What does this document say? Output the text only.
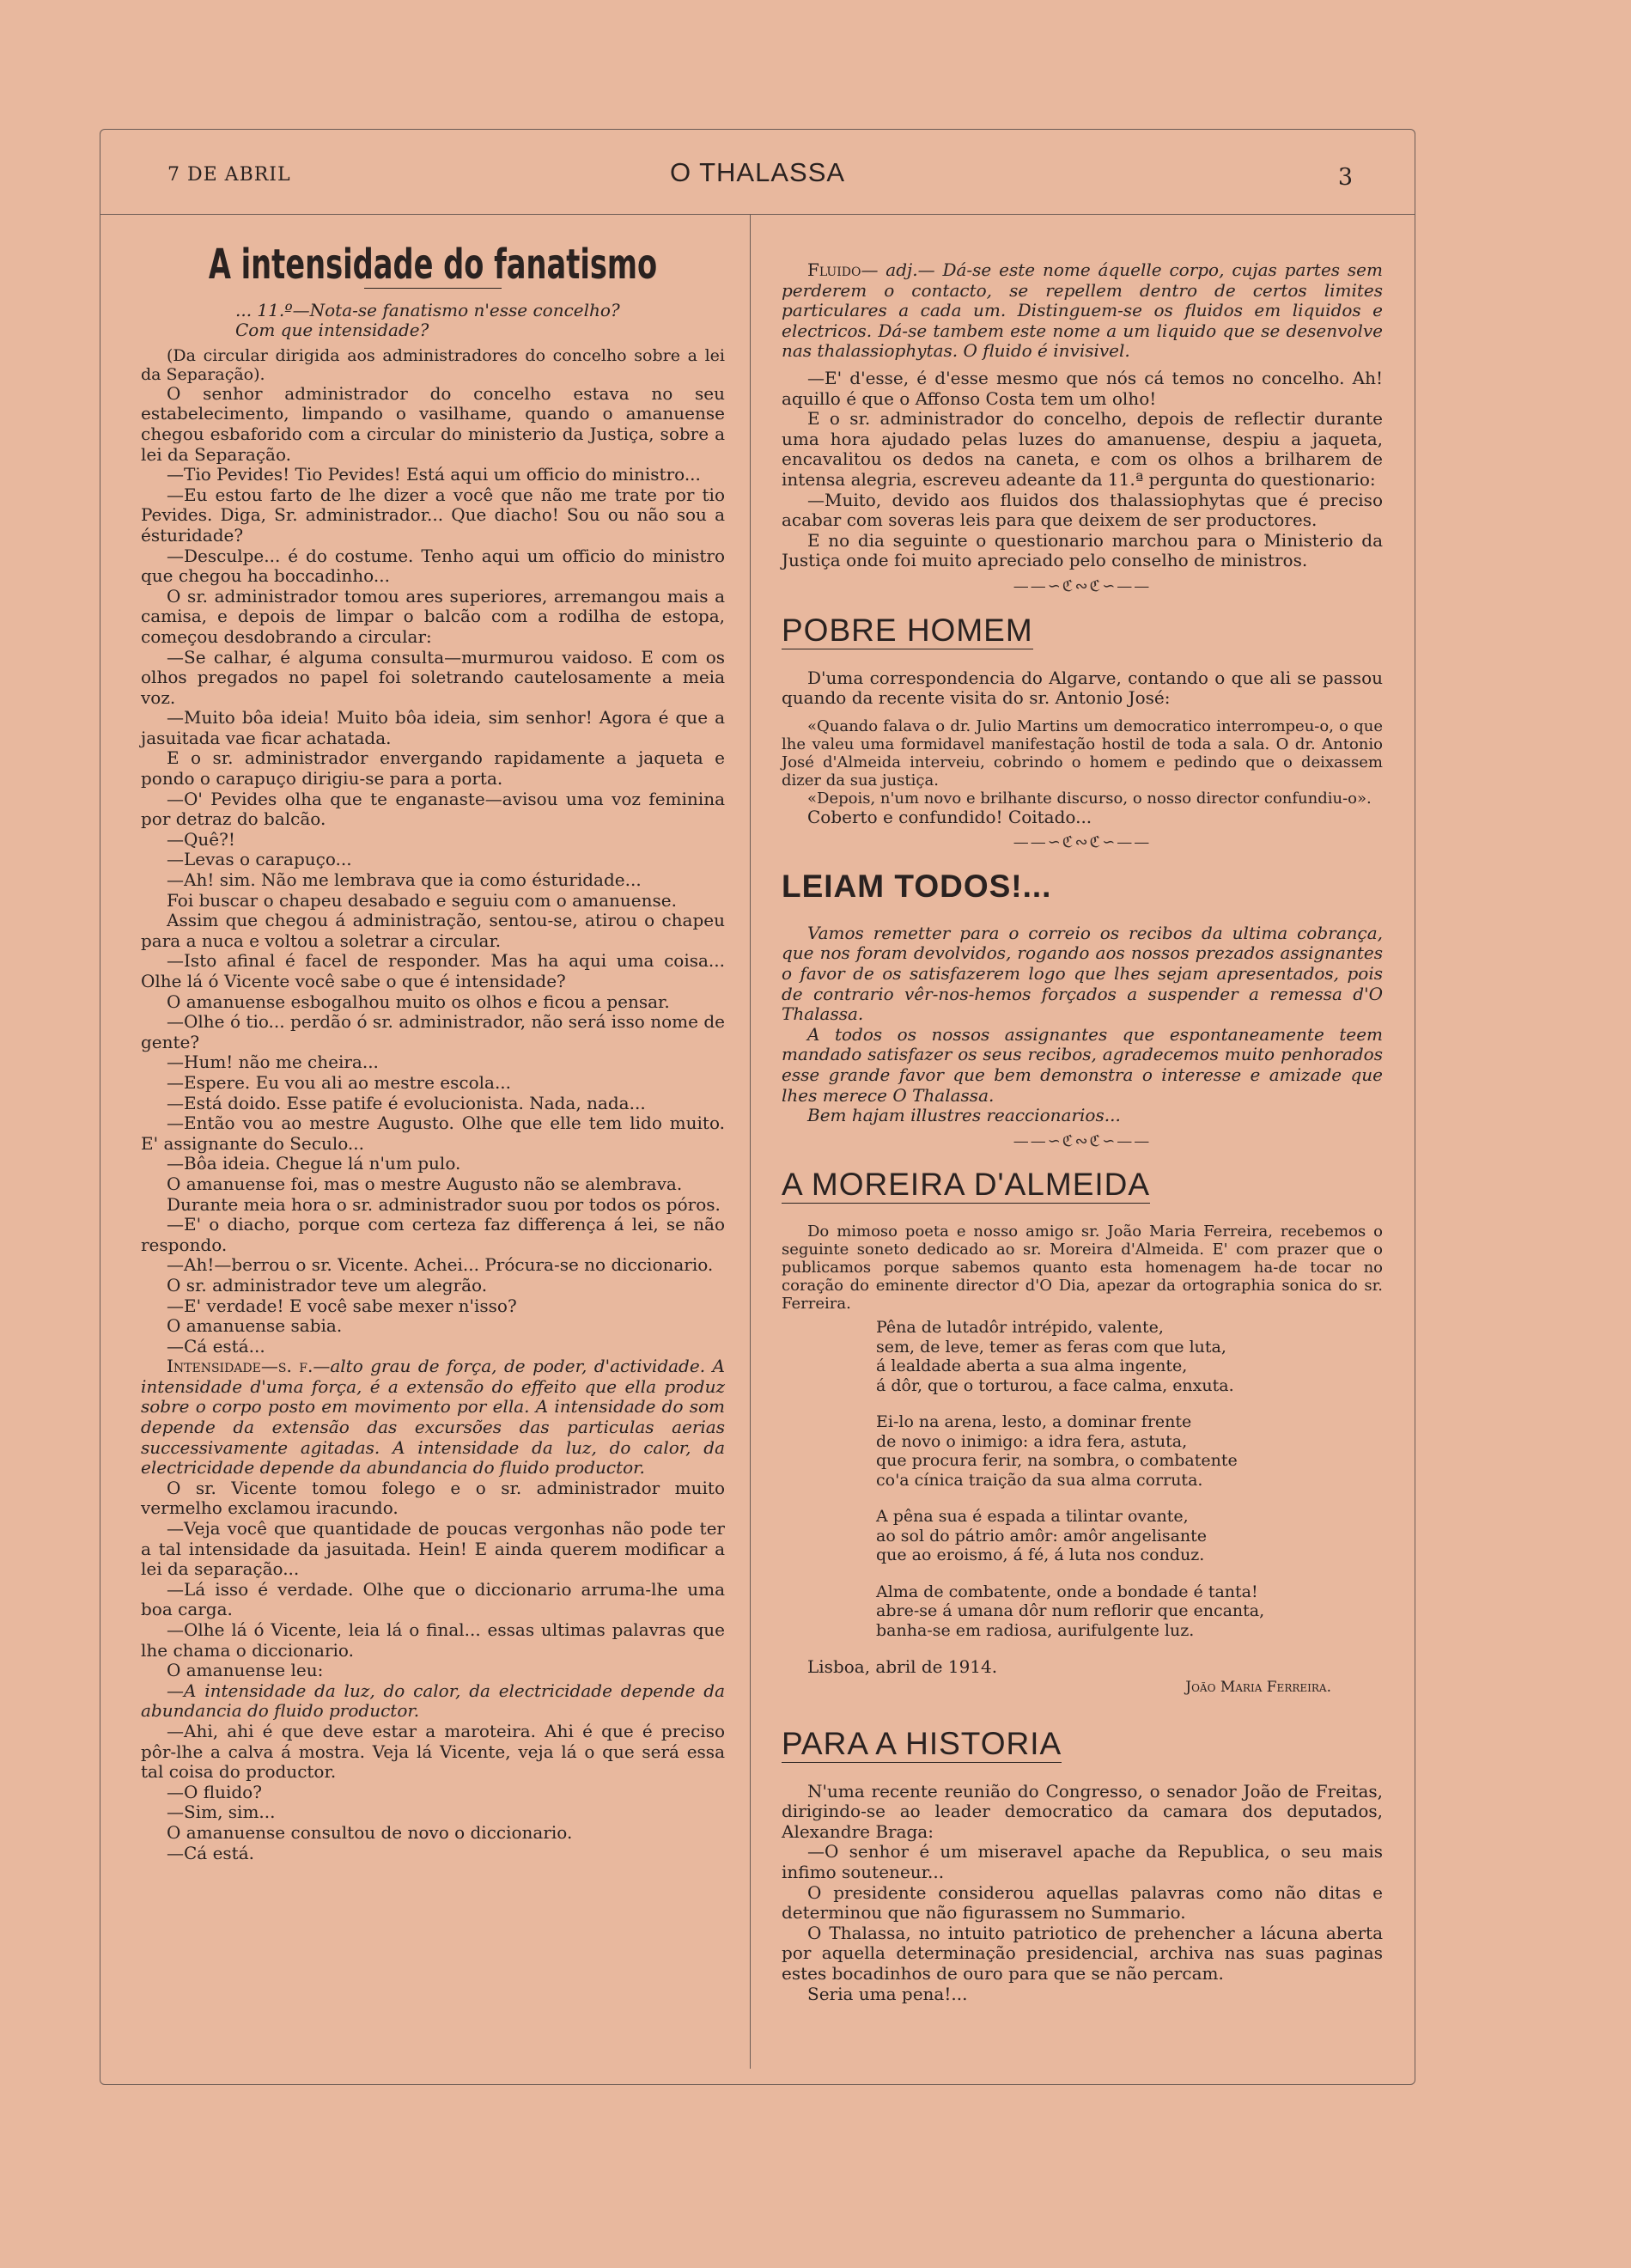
7 DE ABRIL	O THALASSA	3
A intensidade do fanatismo

... 11.º—Nota-se fanatismo n'esse concelho?

Com que intensidade?

(Da circular dirigida aos administradores do concelho sobre a lei da Separação).

O senhor administrador do concelho estava no seu estabelecimento, limpando o vasilhame, quando o amanuense chegou esbaforido com a circular do ministerio da Justiça, sobre a lei da Separação.

—Tio Pevides! Tio Pevides! Está aqui um officio do ministro...

—Eu estou farto de lhe dizer a você que não me trate por tio Pevides. Diga, Sr. administrador... Que diacho! Sou ou não sou a ésturidade?

—Desculpe... é do costume. Tenho aqui um officio do ministro que chegou ha boccadinho...

O sr. administrador tomou ares superiores, arremangou mais a camisa, e depois de limpar o balcão com a rodilha de estopa, começou desdobrando a circular:

—Se calhar, é alguma consulta—murmurou vaidoso. E com os olhos pregados no papel foi soletrando cautelosamente a meia voz.

—Muito bôa ideia! Muito bôa ideia, sim senhor! Agora é que a jasuitada vae ficar achatada.

E o sr. administrador envergando rapidamente a jaqueta e pondo o carapuço dirigiu-se para a porta.

—O' Pevides olha que te enganaste—avisou uma voz feminina por detraz do balcão.

—Quê?!

—Levas o carapuço...

—Ah! sim. Não me lembrava que ia como ésturidade...

Foi buscar o chapeu desabado e seguiu com o amanuense.

Assim que chegou á administração, sentou-se, atirou o chapeu para a nuca e voltou a soletrar a circular.

—Isto afinal é facel de responder. Mas ha aqui uma coisa... Olhe lá ó Vicente você sabe o que é intensidade?

O amanuense esbogalhou muito os olhos e ficou a pensar.

—Olhe ó tio... perdão ó sr. administrador, não será isso nome de gente?

—Hum! não me cheira...

—Espere. Eu vou ali ao mestre escola...

—Está doido. Esse patife é evolucionista. Nada, nada...

—Então vou ao mestre Augusto. Olhe que elle tem lido muito. E' assignante do Seculo...

—Bôa ideia. Chegue lá n'um pulo.

O amanuense foi, mas o mestre Augusto não se alembrava.

Durante meia hora o sr. administrador suou por todos os póros.

—E' o diacho, porque com certeza faz differença á lei, se não respondo.

—Ah!—berrou o sr. Vicente. Achei... Prócura-se no diccionario.

O sr. administrador teve um alegrão.

—E' verdade! E você sabe mexer n'isso?

O amanuense sabia.

—Cá está...

Intensidade—s. f.—alto grau de força, de poder, d'actividade. A intensidade d'uma força, é a extensão do effeito que ella produz sobre o corpo posto em movimento por ella. A intensidade do som depende da extensão das excursões das particulas aerias successivamente agitadas. A intensidade da luz, do calor, da electricidade depende da abundancia do fluido productor.

O sr. Vicente tomou folego e o sr. administrador muito vermelho exclamou iracundo.

—Veja você que quantidade de poucas vergonhas não pode ter a tal intensidade da jasuitada. Hein! E ainda querem modificar a lei da separação...

—Lá isso é verdade. Olhe que o diccionario arruma-lhe uma boa carga.

—Olhe lá ó Vicente, leia lá o final... essas ultimas palavras que lhe chama o diccionario.

O amanuense leu:

—A intensidade da luz, do calor, da electricidade depende da abundancia do fluido productor.

—Ahi, ahi é que deve estar a maroteira. Ahi é que é preciso pôr-lhe a calva á mostra. Veja lá Vicente, veja lá o que será essa tal coisa do productor.

—O fluido?

—Sim, sim...

O amanuense consultou de novo o diccionario.

—Cá está.

Fluido— adj.— Dá-se este nome áquelle corpo, cujas partes sem perderem o contacto, se repellem dentro de certos limites particulares a cada um. Distinguem-se os fluidos em liquidos e electricos. Dá-se tambem este nome a um liquido que se desenvolve nas thalassiophytas. O fluido é invisivel.

—E' d'esse, é d'esse mesmo que nós cá temos no concelho. Ah! aquillo é que o Affonso Costa tem um olho!

E o sr. administrador do concelho, depois de reflectir durante uma hora ajudado pelas luzes do amanuense, despiu a jaqueta, encavalitou os dedos na caneta, e com os olhos a brilharem de intensa alegria, escreveu adeante da 11.ª pergunta do questionario:

—Muito, devido aos fluidos dos thalassiophytas que é preciso acabar com soveras leis para que deixem de ser productores.

E no dia seguinte o questionario marchou para o Ministerio da Justiça onde foi muito apreciado pelo conselho de ministros.

——∽ℭ∾ℭ∽——
POBRE HOMEM

D'uma correspondencia do Algarve, contando o que ali se passou quando da recente visita do sr. Antonio José:

«Quando falava o dr. Julio Martins um democratico interrompeu-o, o que lhe valeu uma formidavel manifestação hostil de toda a sala. O dr. Antonio José d'Almeida interveiu, cobrindo o homem e pedindo que o deixassem dizer da sua justiça.

«Depois, n'um novo e brilhante discurso, o nosso director confundiu-o».

Coberto e confundido! Coitado...

——∽ℭ∾ℭ∽——
LEIAM TODOS!...

Vamos remetter para o correio os recibos da ultima cobrança, que nos foram devolvidos, rogando aos nossos prezados assignantes o favor de os satisfazerem logo que lhes sejam apresentados, pois de contrario vêr-nos-hemos forçados a suspender a remessa d'O Thalassa.

A todos os nossos assignantes que espontaneamente teem mandado satisfazer os seus recibos, agradecemos muito penhorados esse grande favor que bem demonstra o interesse e amizade que lhes merece O Thalassa.

Bem hajam illustres reaccionarios...

——∽ℭ∾ℭ∽——
A MOREIRA D'ALMEIDA

Do mimoso poeta e nosso amigo sr. João Maria Ferreira, recebemos o seguinte soneto dedicado ao sr. Moreira d'Almeida. E' com prazer que o publicamos porque sabemos quanto esta homenagem ha-de tocar no coração do eminente director d'O Dia, apezar da ortographia sonica do sr. Ferreira.

Pêna de lutadôr intrépido, valente,
sem, de leve, temer as feras com que luta,
á lealdade aberta a sua alma ingente,
á dôr, que o torturou, a face calma, enxuta.
Ei-lo na arena, lesto, a dominar frente
de novo o inimigo: a idra fera, astuta,
que procura ferir, na sombra, o combatente
co'a cínica traição da sua alma corruta.
A pêna sua é espada a tilintar ovante,
ao sol do pátrio amôr: amôr angelisante
que ao eroismo, á fé, á luta nos conduz.
Alma de combatente, onde a bondade é tanta!
abre-se á umana dôr num reflorir que encanta,
banha-se em radiosa, aurifulgente luz.
Lisboa, abril de 1914.
João Maria Ferreira.
PARA A HISTORIA

N'uma recente reunião do Congresso, o senador João de Freitas, dirigindo-se ao leader democratico da camara dos deputados, Alexandre Braga:

—O senhor é um miseravel apache da Republica, o seu mais infimo souteneur...

O presidente considerou aquellas palavras como não ditas e determinou que não figurassem no Summario.

O Thalassa, no intuito patriotico de prehencher a lácuna aberta por aquella determinação presidencial, archiva nas suas paginas estes bocadinhos de ouro para que se não percam.

Seria uma pena!...
